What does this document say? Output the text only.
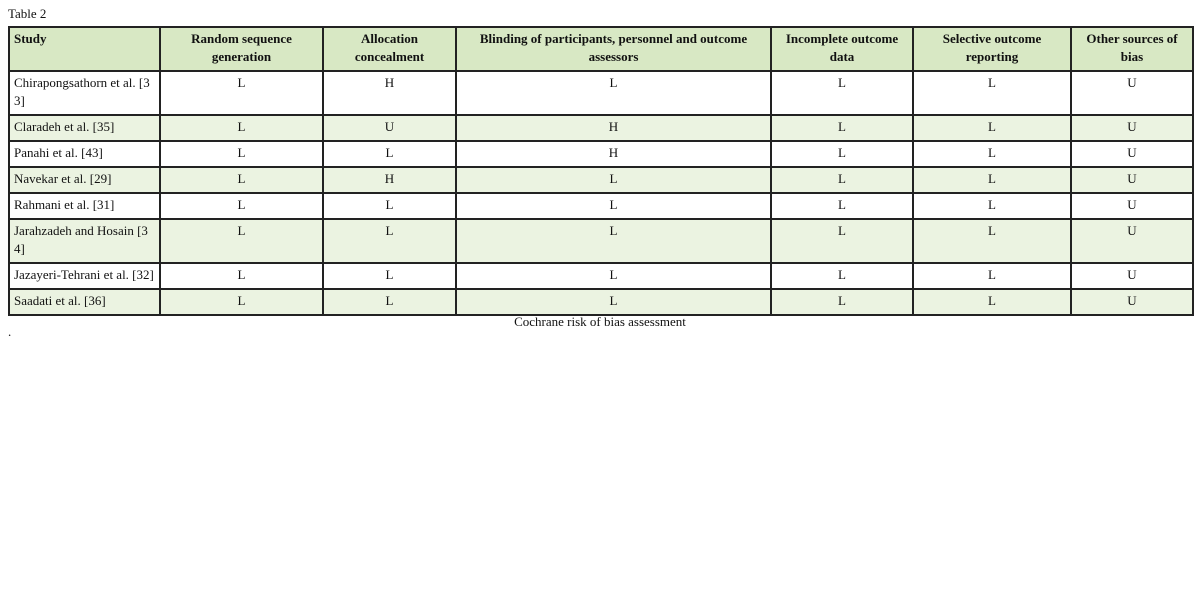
Table 2
Study	Random sequence generation	Allocation concealment	Blinding of participants, personnel and outcome assessors	Incomplete outcome data	Selective outcome reporting	Other sources of bias
Chirapongsathorn et al. [33]	L	H	L	L	L	U
Claradeh et al. [35]	L	U	H	L	L	U
Panahi et al. [43]	L	L	H	L	L	U
Navekar et al. [29]	L	H	L	L	L	U
Rahmani et al. [31]	L	L	L	L	L	U
Jarahzadeh and Hosain [34]	L	L	L	L	L	U
Jazayeri-Tehrani et al. [32]	L	L	L	L	L	U
Saadati et al. [36]	L	L	L	L	L	U
Cochrane risk of bias assessment
.
